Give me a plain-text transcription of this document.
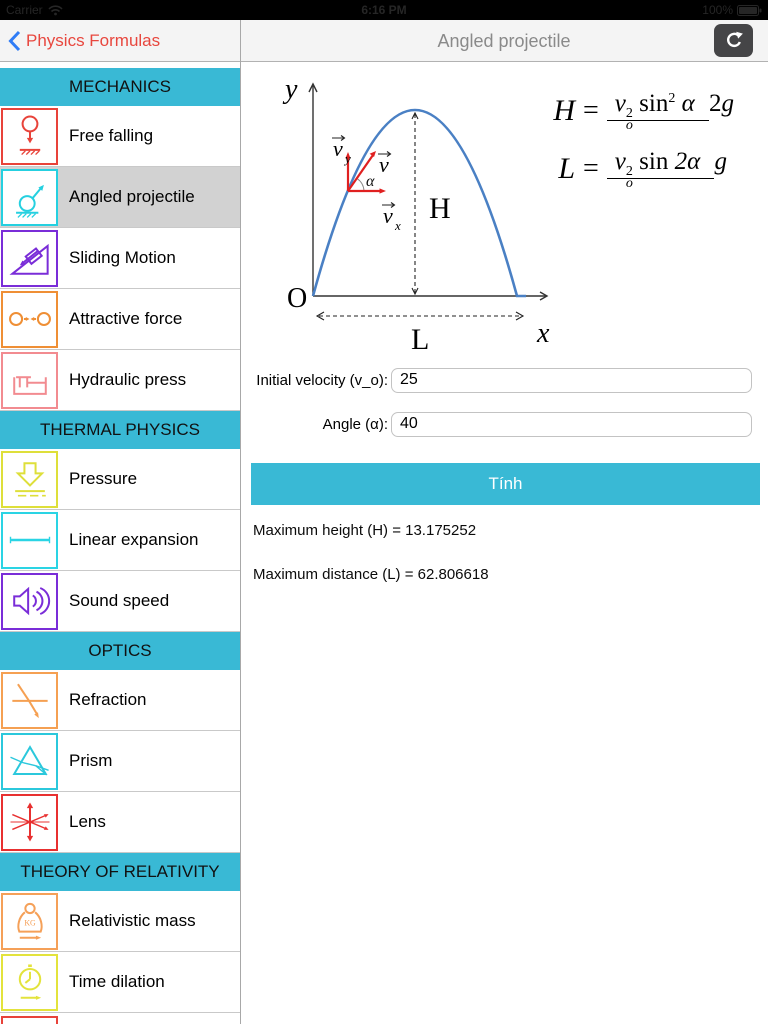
Carrier	6:16 PM	100%
Physics Formulas	Angled projectile
MECHANICS
Free falling
Angled projectile
Sliding Motion
Attractive force
Hydraulic press
THERMAL PHYSICS
Pressure
Linear expansion
Sound speed
OPTICS
Refraction
Prism
Lens
THEORY OF RELATIVITY
KG Relativistic mass
Time dilation
H
L
y
x
O
α
v y v
v x
H = v 2
o
$\sin^2 \alpha$ 2g
L = v 2
o
sin 2α g
Initial velocity (v_o):
25
Angle (α):
40
Tính
Maximum height (H) = 13.175252
Maximum distance (L) = 62.806618
